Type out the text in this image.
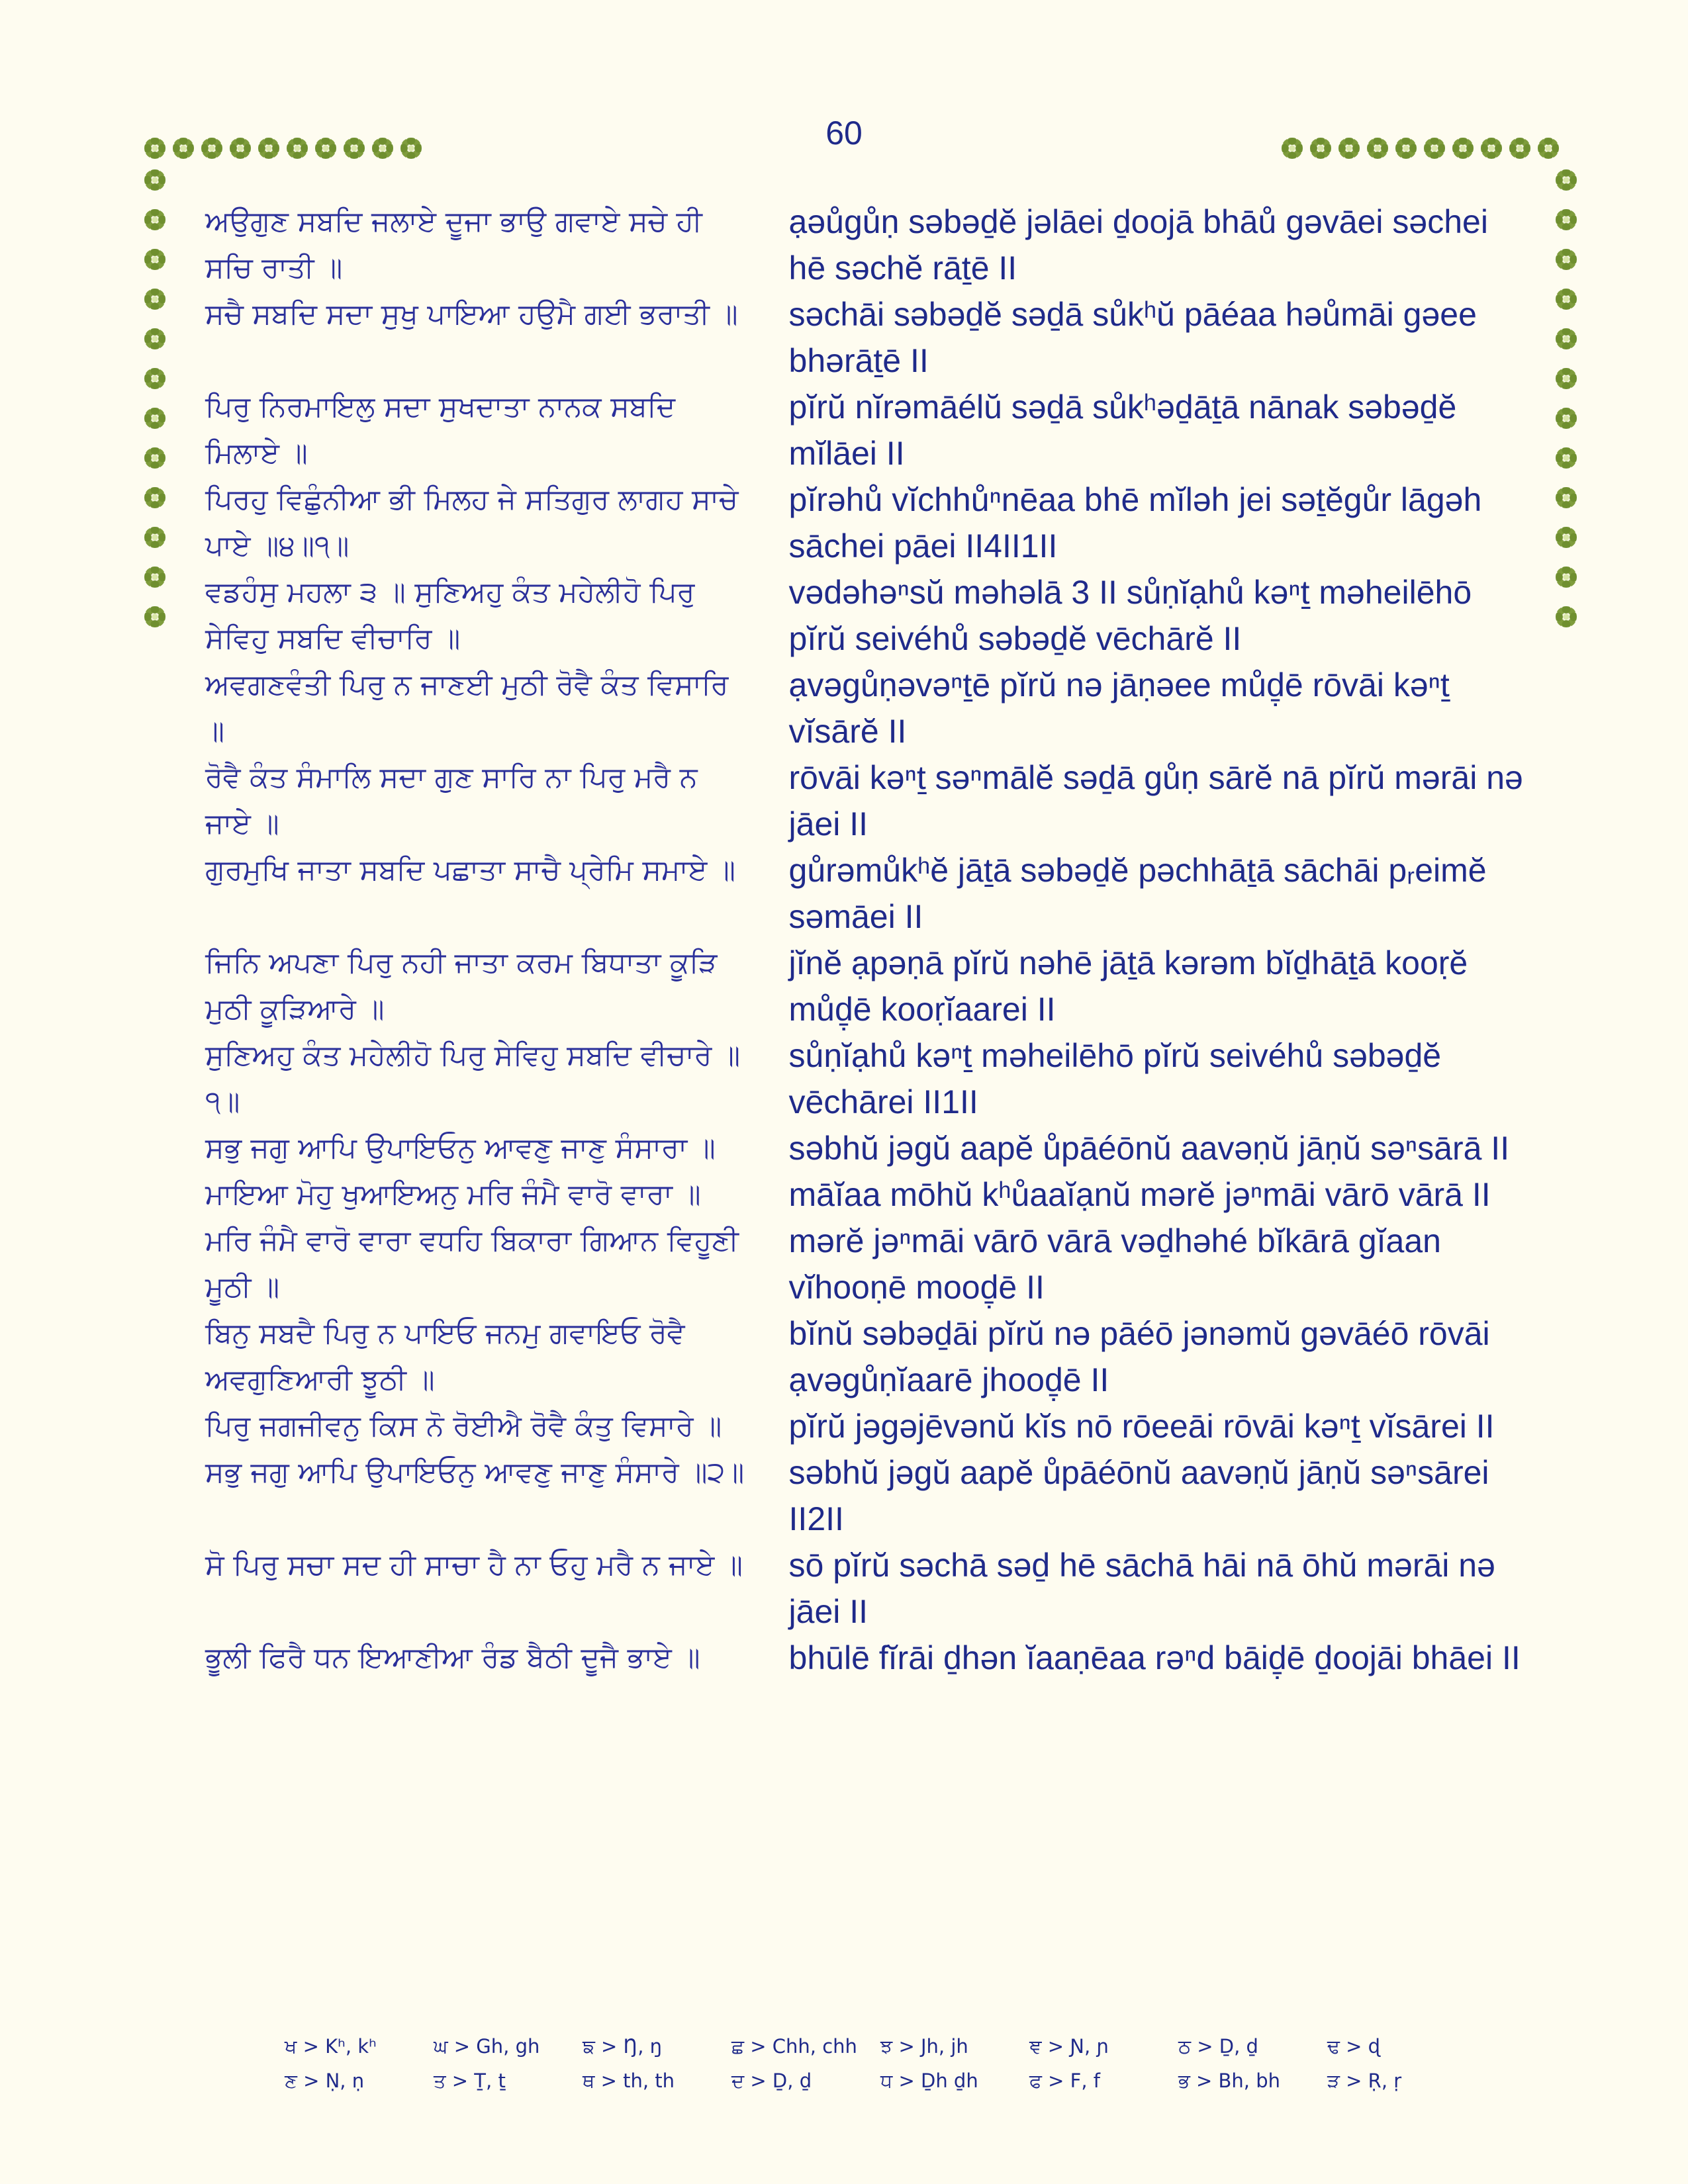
60
ਅਉਗੁਣ ਸਬਦਿ ਜਲਾਏ ਦੂਜਾ ਭਾਉ ਗਵਾਏ ਸਚੇ ਹੀ ਸਚਿ ਰਾਤੀ ॥
ạəůgůṇ səbəḏĕ jəlāei ḏoojā bhāů gəvāei səchei hē səchĕ rāṯē II
ਸਚੈ ਸਬਦਿ ਸਦਾ ਸੁਖੁ ਪਾਇਆ ਹਉਮੈ ਗਈ ਭਰਾਤੀ ॥	səchāi səbəḏĕ səḏā sůkʰŭ pāéaa həůmāi gəee bhərāṯē II
ਪਿਰੁ ਨਿਰਮਾਇਲੁ ਸਦਾ ਸੁਖਦਾਤਾ ਨਾਨਕ ਸਬਦਿ ਮਿਲਾਏ ॥
pĭrŭ nĭrəmāélŭ səḏā sůkʰəḏāṯā nānak səbəḏĕ mĭlāei II
ਪਿਰਹੁ ਵਿਛੁੰਨੀਆ ਭੀ ਮਿਲਹ ਜੇ ਸਤਿਗੁਰ ਲਾਗਹ ਸਾਚੇ ਪਾਏ ॥੪॥੧॥
pĭrəhů vĭchhůⁿnēaa bhē mĭləh jei səṯĕgůr lāgəh sāchei pāei II4II1II
ਵਡਹੰਸੁ ਮਹਲਾ ੩ ॥ ਸੁਣਿਅਹੁ ਕੰਤ ਮਹੇਲੀਹੋ ਪਿਰੁ ਸੇਵਿਹੁ ਸਬਦਿ ਵੀਚਾਰਿ ॥
vədəhəⁿsŭ məhəlā 3 II sůṇĭạhů kəⁿṯ məheilēhō pĭrŭ seivéhů səbəḏĕ vēchārĕ II
ਅਵਗਣਵੰਤੀ ਪਿਰੁ ਨ ਜਾਣਈ ਮੁਠੀ ਰੋਵੈ ਕੰਤ ਵਿਸਾਰਿ ॥
ạvəgůṇəvəⁿṯē pĭrŭ nə jāṇəee můḏ̣ē rōvāi kəⁿṯ vĭsārĕ II
ਰੋਵੈ ਕੰਤ ਸੰਮਾਲਿ ਸਦਾ ਗੁਣ ਸਾਰਿ ਨਾ ਪਿਰੁ ਮਰੈ ਨ ਜਾਏ ॥
rōvāi kəⁿṯ səⁿmālĕ səḏā gůṇ sārĕ nā pĭrŭ mərāi nə jāei II
ਗੁਰਮੁਖਿ ਜਾਤਾ ਸਬਦਿ ਪਛਾਤਾ ਸਾਚੈ ਪ੍ਰੇਮਿ ਸਮਾਏ ॥	gůrəmůkʰĕ jāṯā səbəḏĕ pəchhāṯā sāchāi pᵣeimĕ səmāei II
ਜਿਨਿ ਅਪਣਾ ਪਿਰੁ ਨਹੀ ਜਾਤਾ ਕਰਮ ਬਿਧਾਤਾ ਕੂੜਿ ਮੁਠੀ ਕੂੜਿਆਰੇ ॥
jĭnĕ ạpəṇā pĭrŭ nəhē jāṯā kərəm bĭḏhāṯā kooṛĕ můḏ̣ē kooṛĭaarei II
ਸੁਣਿਅਹੁ ਕੰਤ ਮਹੇਲੀਹੋ ਪਿਰੁ ਸੇਵਿਹੁ ਸਬਦਿ ਵੀਚਾਰੇ ॥੧॥
sůṇĭạhů kəⁿṯ məheilēhō pĭrŭ seivéhů səbəḏĕ vēchārei II1II
ਸਭੁ ਜਗੁ ਆਪਿ ਉਪਾਇਓਨੁ ਆਵਣੁ ਜਾਣੁ ਸੰਸਾਰਾ ॥	səbhŭ jəgŭ aapĕ ůpāéōnŭ aavəṇŭ jāṇŭ səⁿsārā II
ਮਾਇਆ ਮੋਹੁ ਖੁਆਇਅਨੁ ਮਰਿ ਜੰਮੈ ਵਾਰੋ ਵਾਰਾ ॥	māĭaa mōhŭ kʰůaaĭạnŭ mərĕ jəⁿmāi vārō vārā II
ਮਰਿ ਜੰਮੈ ਵਾਰੋ ਵਾਰਾ ਵਧਹਿ ਬਿਕਾਰਾ ਗਿਆਨ ਵਿਹੂਣੀ ਮੂਠੀ ॥
mərĕ jəⁿmāi vārō vārā vəḏhəhé bĭkārā gĭaan vĭhooṇē mooḏ̣ē II
ਬਿਨੁ ਸਬਦੈ ਪਿਰੁ ਨ ਪਾਇਓ ਜਨਮੁ ਗਵਾਇਓ ਰੋਵੈ ਅਵਗੁਣਿਆਰੀ ਝੂਠੀ ॥
bĭnŭ səbəḏāi pĭrŭ nə pāéō jənəmŭ gəvāéō rōvāi ạvəgůṇĭaarē jhooḏ̣ē II
ਪਿਰੁ ਜਗਜੀਵਨੁ ਕਿਸ ਨੋ ਰੋਈਐ ਰੋਵੈ ਕੰਤੁ ਵਿਸਾਰੇ ॥	pĭrŭ jəgəjēvənŭ kĭs nō rōeeāi rōvāi kəⁿṯ vĭsārei II
ਸਭੁ ਜਗੁ ਆਪਿ ਉਪਾਇਓਨੁ ਆਵਣੁ ਜਾਣੁ ਸੰਸਾਰੇ ॥੨॥	səbhŭ jəgŭ aapĕ ůpāéōnŭ aavəṇŭ jāṇŭ səⁿsārei II2II
ਸੋ ਪਿਰੁ ਸਚਾ ਸਦ ਹੀ ਸਾਚਾ ਹੈ ਨਾ ਓਹੁ ਮਰੈ ਨ ਜਾਏ ॥	sō pĭrŭ səchā səḏ hē sāchā hāi nā ōhŭ mərāi nə jāei II
ਭੂਲੀ ਫਿਰੈ ਧਨ ਇਆਣੀਆ ਰੰਡ ਬੈਠੀ ਦੂਜੈ ਭਾਏ ॥	bhūlē fĭrāi ḏhən ĭaaṇēaa rəⁿd bāiḏ̣ē ḏoojāi bhāei II
ਖ > Kʰ, kʰ	ਘ > Gh, gh	ਙ > Ŋ, ŋ	ਛ > Chh, chh	ਝ > Jh, jh	ਞ > Ɲ, ɲ	ਠ > Ḏ, ḏ	ਢ > ɖ
ਣ > Ṇ, ṇ	ਤ > Ṯ, ṯ	ਥ > th, th	ਦ > Ḏ, ḏ	ਧ > Ḏh ḏh	ਫ > F, f	ਭ > Bh, bh	ੜ > Ṛ, ṛ
